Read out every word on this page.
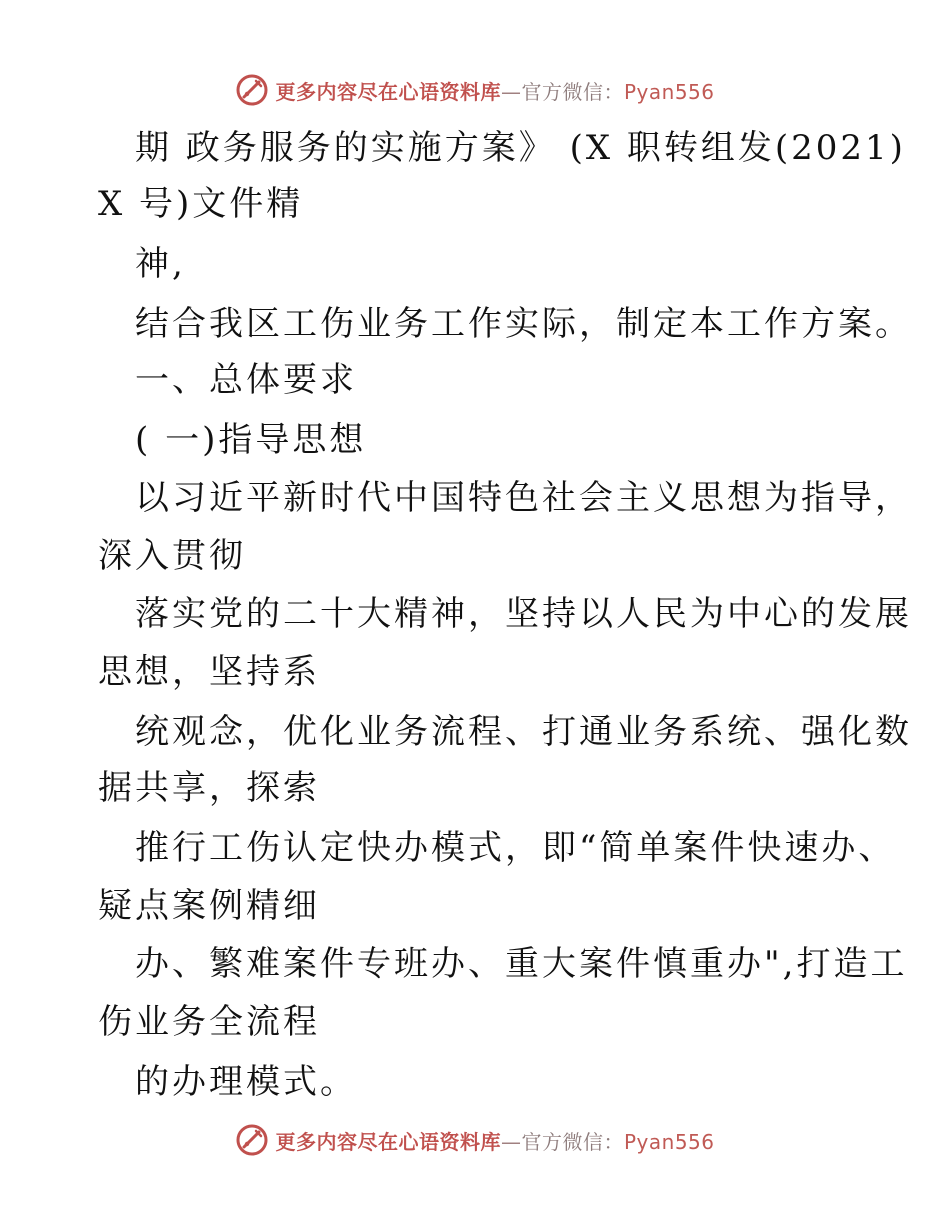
更多内容尽在心语资料库—官方微信：Pyan556
期 政务服务的实施方案》 (X 职转组发(2021)
X 号)文件精
神,
结合我区工伤业务工作实际，制定本工作方案。
一、总体要求
( 一)指导思想
以习近平新时代中国特色社会主义思想为指导，
深入贯彻
落实党的二十大精神，坚持以人民为中心的发展
思想，坚持系
统观念，优化业务流程、打通业务系统、强化数
据共享，探索
推行工伤认定快办模式，即“简单案件快速办、
疑点案例精细
办、繁难案件专班办、重大案件慎重办",打造工
伤业务全流程
的办理模式。
更多内容尽在心语资料库—官方微信：Pyan556
